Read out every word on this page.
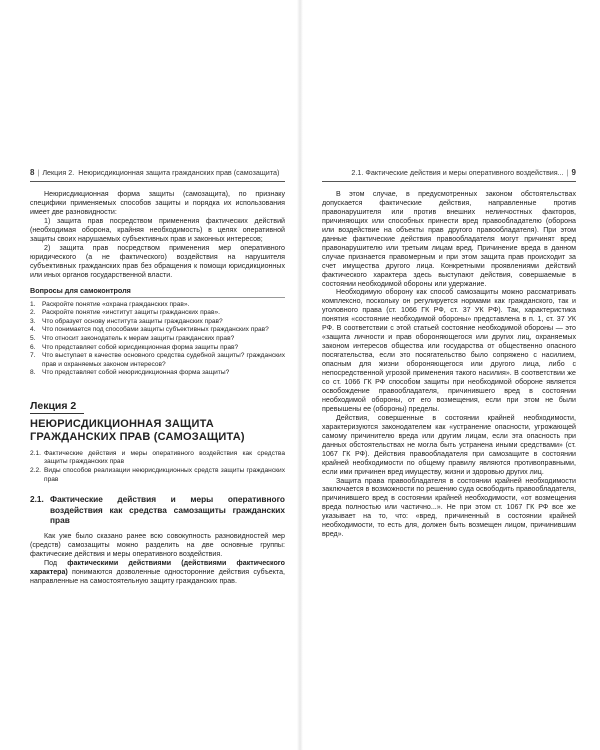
8 | Лекция 2. Неюрисдикционная защита гражданских прав (самозащита)

Неюрисдикционная форма защиты (самозащита), по признаку специфики применяемых способов защиты и порядка их использования имеет две разновидности:

1) защита прав посредством применения фактических действий (необходимая оборона, крайняя необходимость) в целях оперативной защиты своих нарушаемых субъективных прав и законных интересов;

2) защита прав посредством применения мер оперативного юридического (а не фактического) воздействия на нарушителя субъективных гражданских прав без обращения к помощи юрисдикционных или иных органов государственной власти.

Вопросы для самоконтроля
1. Раскройте понятие «охрана гражданских прав».
2. Раскройте понятие «институт защиты гражданских прав».
3. Что образует основу института защиты гражданских прав?
4. Что понимается под способами защиты субъективных гражданских прав?
5. Что относит законодатель к мерам защиты гражданских прав?
6. Что представляет собой юрисдикционная форма защиты прав?
7. Что выступает в качестве основного средства судебной защиты? гражданских прав и охраняемых законом интересов?
8. Что представляет собой неюрисдикционная форма защиты?
Лекция 2
НЕЮРИСДИКЦИОННАЯ ЗАЩИТА
ГРАЖДАНСКИХ ПРАВ (САМОЗАЩИТА)
2.1. Фактические действия и меры оперативного воздействия как средства защиты гражданских прав
2.2. Виды способов реализации неюрисдикционных средств защиты гражданских прав
2.1. Фактические действия и меры оперативного воздействия как средства самозащиты гражданских прав

Как уже было сказано ранее всю совокупность разновидностей мер (средств) самозащиты можно разделить на две основные группы: фактические действия и меры оперативного воздействия.

Под фактическими действиями (действиями фактического характера) понимаются дозволенные односторонние действия субъекта, направленные на самостоятельную защиту гражданских прав.

2.1. Фактические действия и меры оперативного воздействия... | 9

В этом случае, в предусмотренных законом обстоятельствах допускается фактические действия, направленные против правонарушителя или против внешних нелинчостных факторов, причиняющих или способных принести вред правообладателю (оборона или воздействие на объекты прав другого правообладателя). При этом данные фактические действия правообладателя могут причинят вред правонарушителю или третьим лицам вред. Причинение вреда в данном случае признается правомерным и при этом защита прав происходит за счет имущества другого лица. Конкретными проявлениями действий фактического характера здесь выступают действия, совершаемые в состоянии необходимой обороны или удержание.

Необходимую оборону как способ самозащиты можно рассматривать комплексно, поскольку он регулируется нормами как гражданского, так и уголовного права (ст. 1066 ГК РФ, ст. 37 УК РФ). Так, характеристика понятия «состояние необходимой обороны» представлена в п. 1, ст. 37 УК РФ. В соответствии с этой статьей состояние необходимой обороны — это «защита личности и прав обороняющегося или других лиц, охраняемых законом интересов общества или государства от общественно опасного посягательства, если это посягательство было сопряжено с насилием, опасным для жизни обороняющегося или другого лица, либо с непосредственной угрозой применения такого насилия». В соответствии же со ст. 1066 ГК РФ способом защиты при необходимой обороне является освобождение правообладателя, причинившего вред в состоянии необходимой обороны, от его возмещения, если при этом не были превышены ее (обороны) пределы.

Действия, совершенные в состоянии крайней необходимости, характеризуются законодателем как «устранение опасности, угрожающей самому причинителю вреда или другим лицам, если эта опасность при данных обстоятельствах не могла быть устранена иными средствами» (ст. 1067 ГК РФ). Действия правообладателя при самозащите в состоянии крайней необходимости по общему правилу являются противоправными, если ими причинен вред имуществу, жизни и здоровью других лиц.

Защита права правообладателя в состоянии крайней необходимости заключается в возможности по решению суда освободить правообладателя, причинившего вред в состоянии крайней необходимости, «от возмещения вреда полностью или частично...». Не при этом ст. 1067 ГК РФ все же указывает на то, что: «вред, причиненный в состоянии крайней необходимости, то есть для, должен быть возмещен лицом, причинившим вред».
